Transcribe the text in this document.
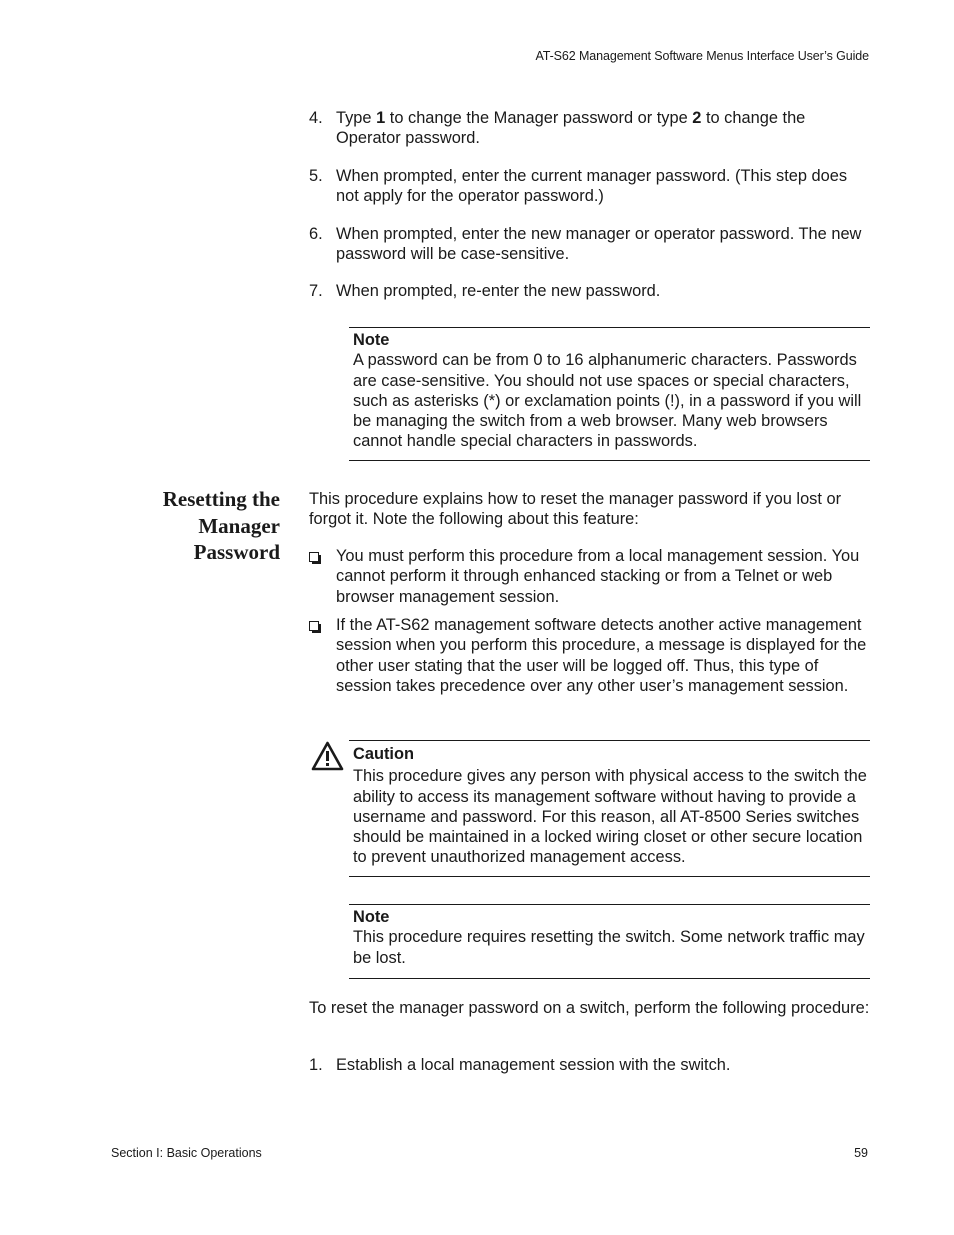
AT-S62 Management Software Menus Interface User’s Guide
4. Type 1 to change the Manager password or type 2 to change the Operator password.
5. When prompted, enter the current manager password. (This step does not apply for the operator password.)
6. When prompted, enter the new manager or operator password. The new password will be case-sensitive.
7. When prompted, re-enter the new password.
Note
A password can be from 0 to 16 alphanumeric characters. Passwords are case-sensitive. You should not use spaces or special characters, such as asterisks (*) or exclamation points (!), in a password if you will be managing the switch from a web browser. Many web browsers cannot handle special characters in passwords.
Resetting the
Manager
Password
This procedure explains how to reset the manager password if you lost or forgot it. Note the following about this feature:
You must perform this procedure from a local management session. You cannot perform it through enhanced stacking or from a Telnet or web browser management session.
If the AT-S62 management software detects another active management session when you perform this procedure, a message is displayed for the other user stating that the user will be logged off. Thus, this type of session takes precedence over any other user’s management session.
Caution
This procedure gives any person with physical access to the switch the ability to access its management software without having to provide a username and password. For this reason, all AT-8500 Series switches should be maintained in a locked wiring closet or other secure location to prevent unauthorized management access.
Note
This procedure requires resetting the switch. Some network traffic may be lost.
To reset the manager password on a switch, perform the following procedure:
1. Establish a local management session with the switch.
Section I: Basic Operations	59
